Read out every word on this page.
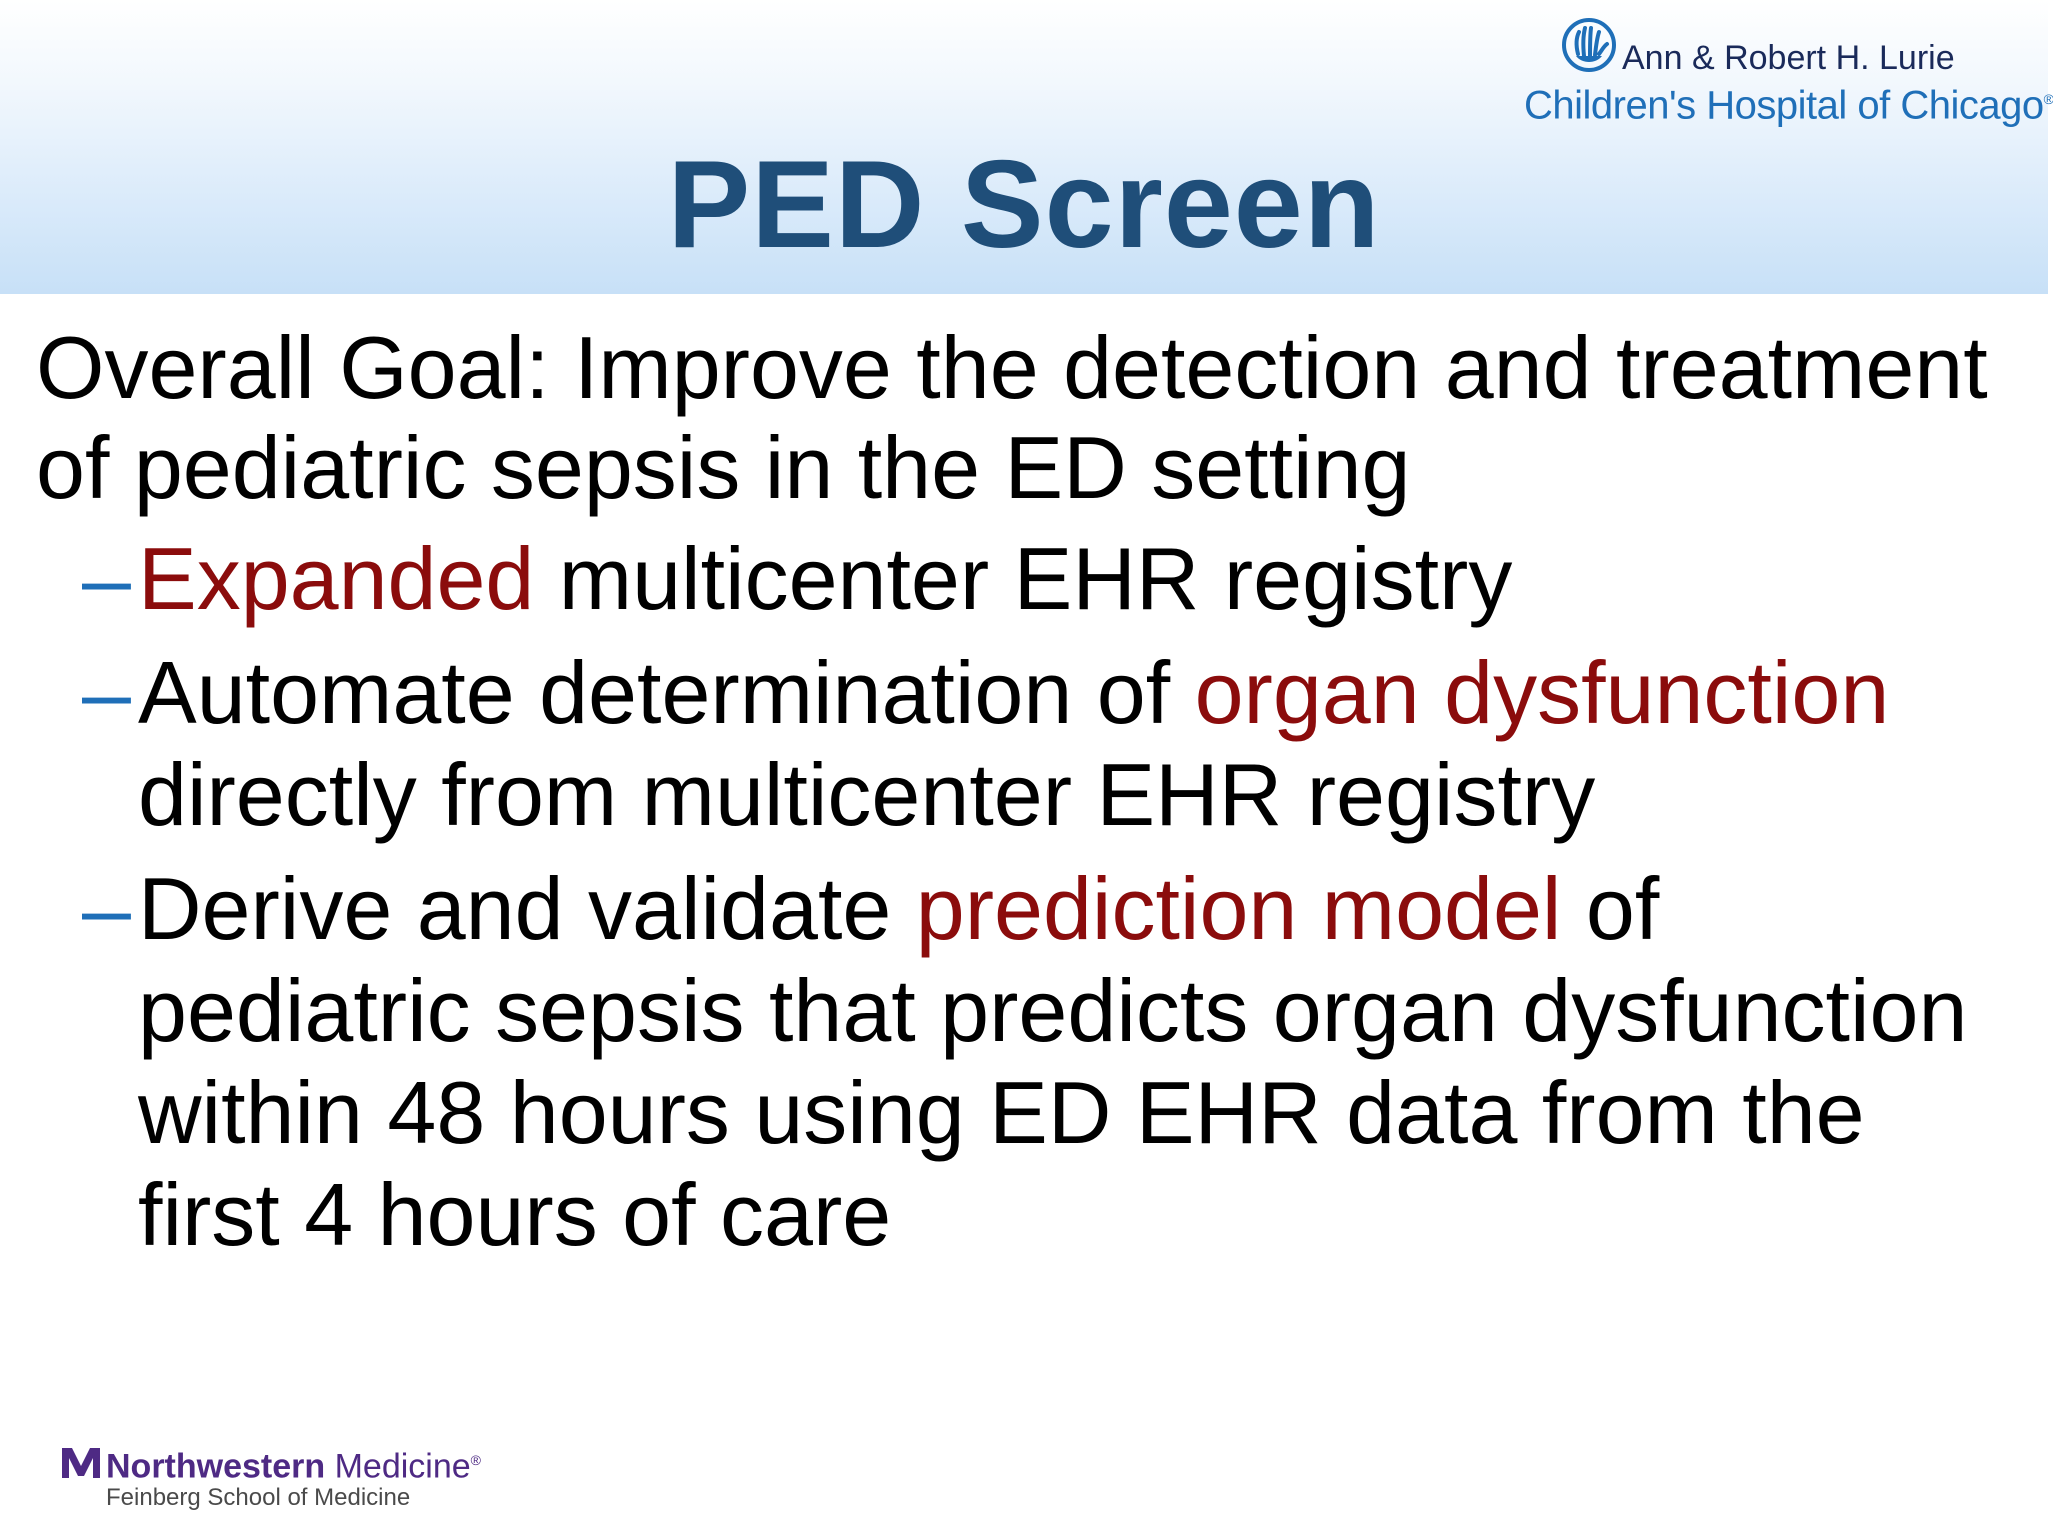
Ann & Robert H. Lurie
Children's Hospital of Chicago®
PED Screen

Overall Goal: Improve the detection and treatment of pediatric sepsis in the ED setting

– Expanded multicenter EHR registry
– Automate determination of organ dysfunction directly from multicenter EHR registry
– Derive and validate prediction model of pediatric sepsis that predicts organ dysfunction within 48 hours using ED EHR data from the first 4 hours of care
Northwestern Medicine®
Feinberg School of Medicine
